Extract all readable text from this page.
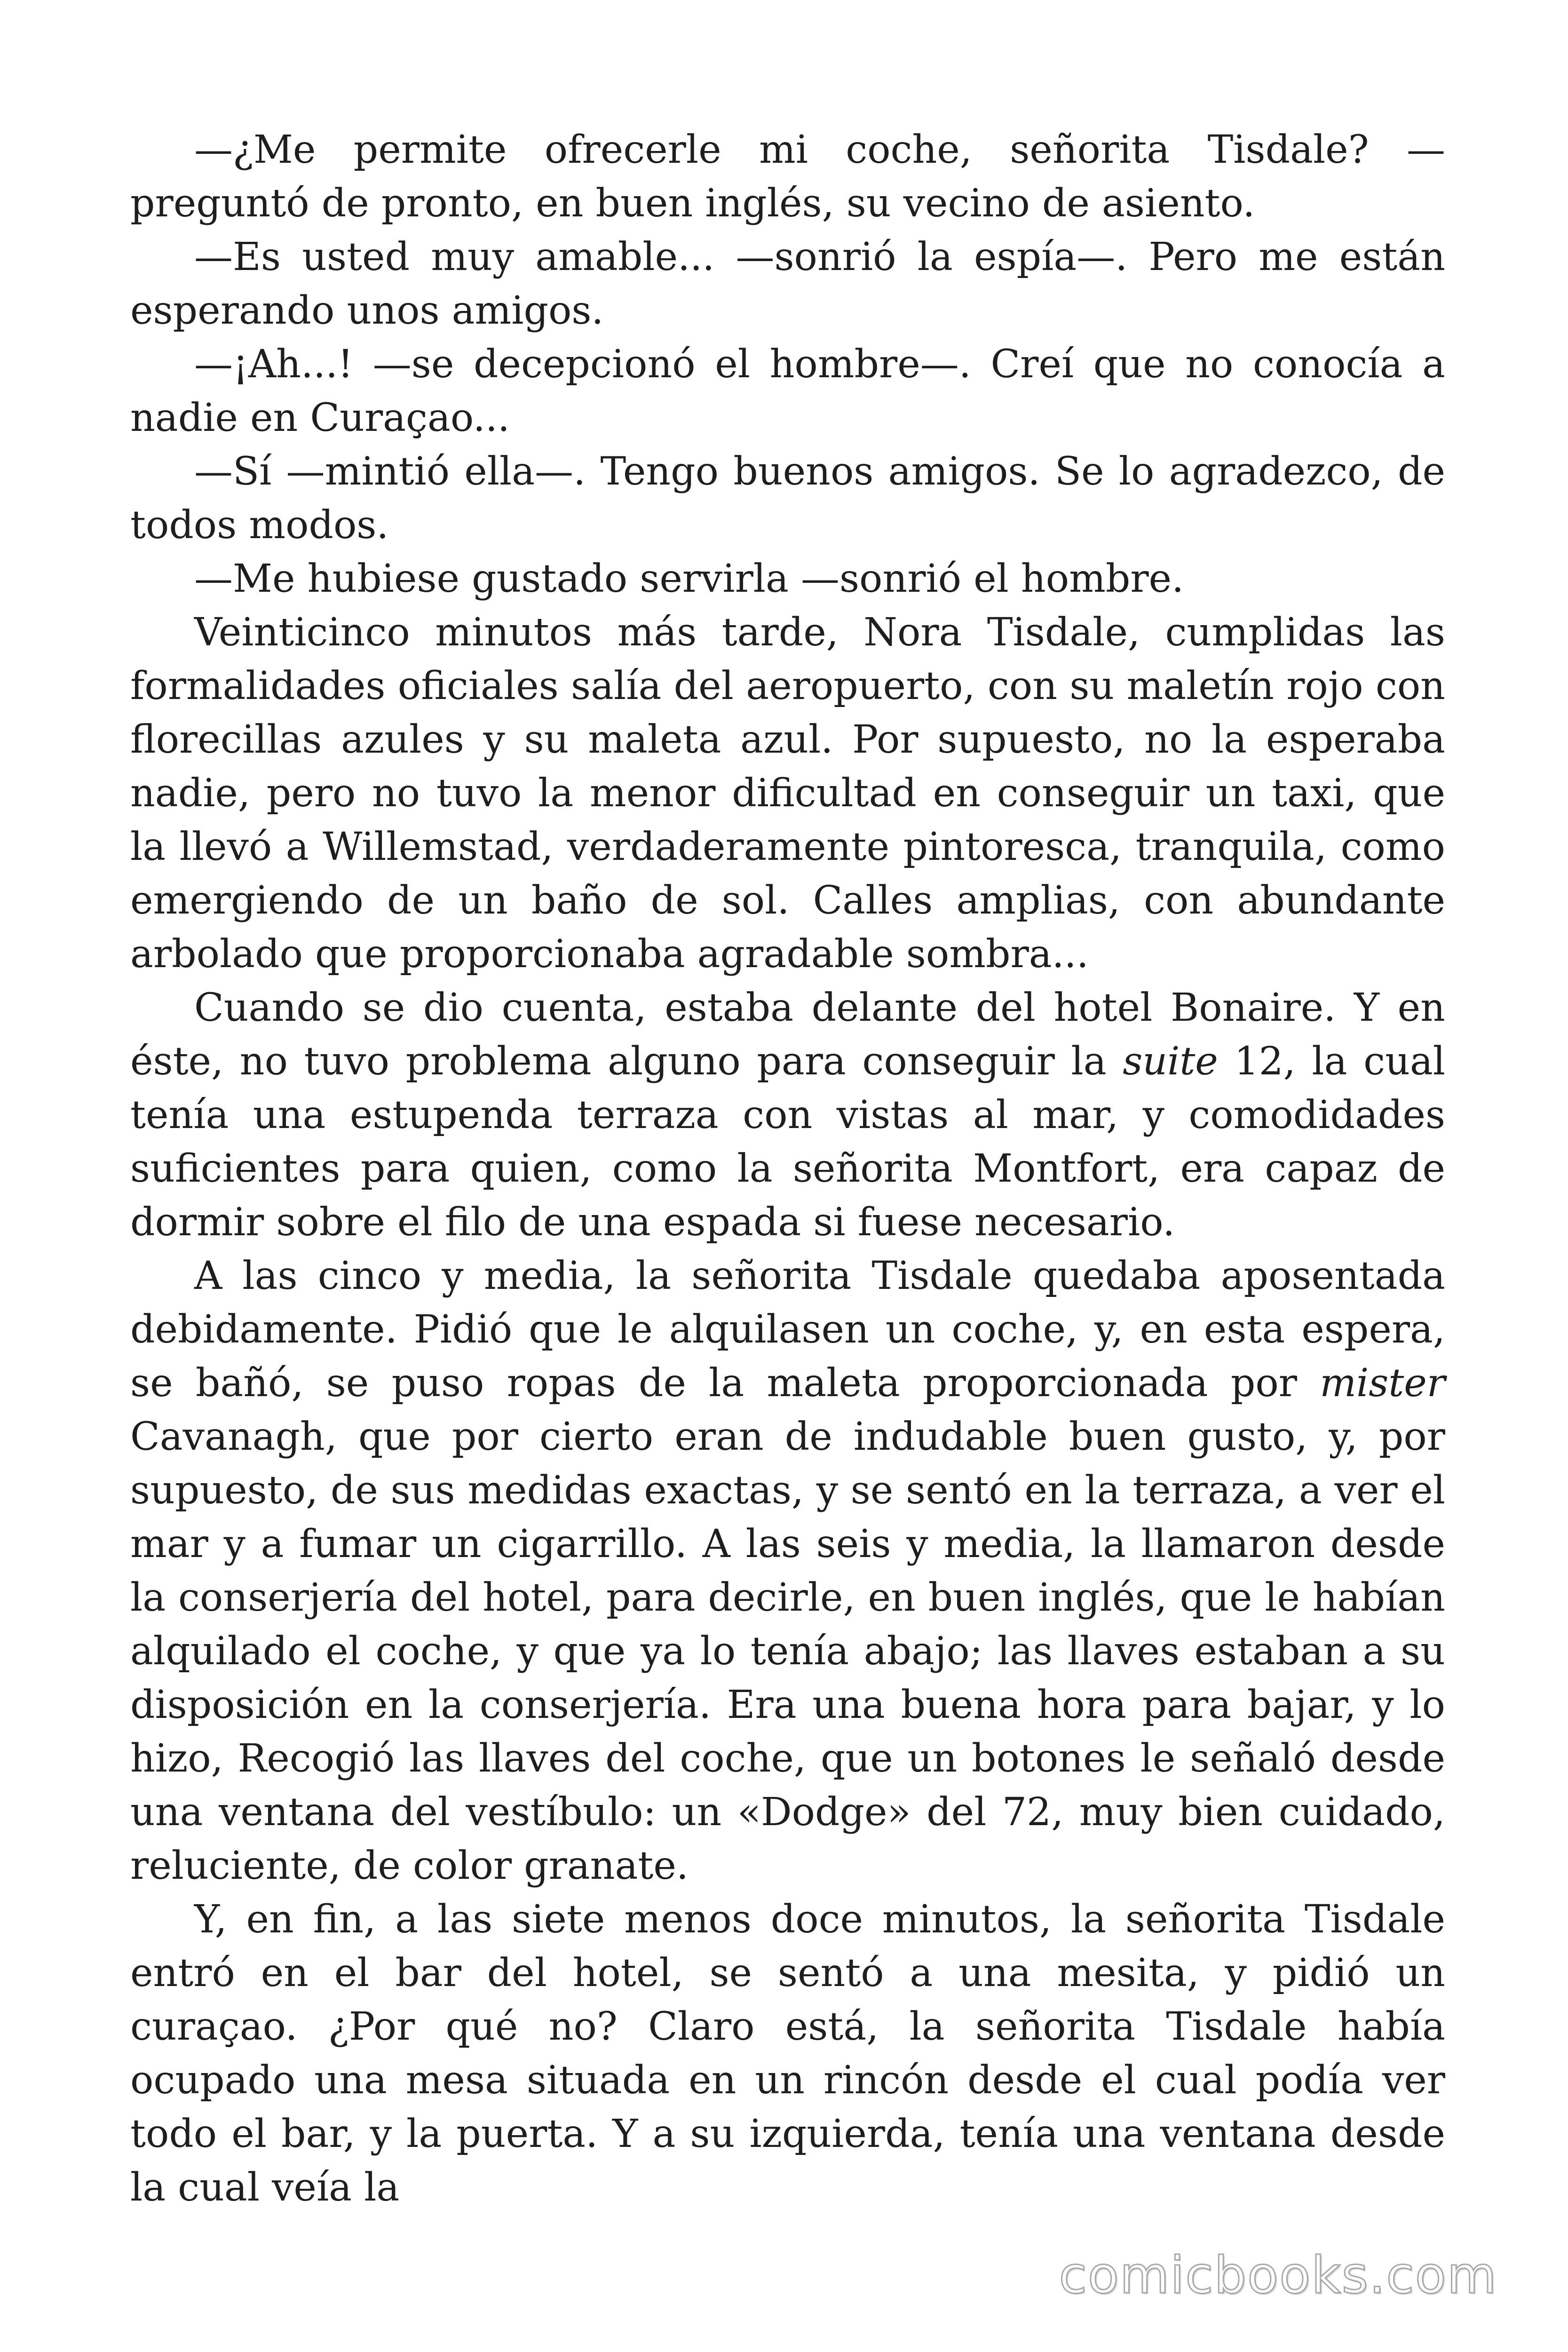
—¿Me permite ofrecerle mi coche, señorita Tisdale? —preguntó de pronto, en buen inglés, su vecino de asiento.

—Es usted muy amable... —sonrió la espía—. Pero me están esperando unos amigos.

—¡Ah...! —se decepcionó el hombre—. Creí que no conocía a nadie en Curaçao...

—Sí —mintió ella—. Tengo buenos amigos. Se lo agradezco, de todos modos.

—Me hubiese gustado servirla —sonrió el hombre.

Veinticinco minutos más tarde, Nora Tisdale, cumplidas las formalidades oficiales salía del aeropuerto, con su maletín rojo con florecillas azules y su maleta azul. Por supuesto, no la esperaba nadie, pero no tuvo la menor dificultad en conseguir un taxi, que la llevó a Willemstad, verdaderamente pintoresca, tranquila, como emergiendo de un baño de sol. Calles amplias, con abundante arbolado que proporcionaba agradable sombra...

Cuando se dio cuenta, estaba delante del hotel Bonaire. Y en éste, no tuvo problema alguno para conseguir la suite 12, la cual tenía una estupenda terraza con vistas al mar, y comodidades suficientes para quien, como la señorita Montfort, era capaz de dormir sobre el filo de una espada si fuese necesario.

A las cinco y media, la señorita Tisdale quedaba aposentada debidamente. Pidió que le alquilasen un coche, y, en esta espera, se bañó, se puso ropas de la maleta proporcionada por mister Cavanagh, que por cierto eran de indudable buen gusto, y, por supuesto, de sus medidas exactas, y se sentó en la terraza, a ver el mar y a fumar un cigarrillo. A las seis y media, la llamaron desde la conserjería del hotel, para decirle, en buen inglés, que le habían alquilado el coche, y que ya lo tenía abajo; las llaves estaban a su disposición en la conserjería. Era una buena hora para bajar, y lo hizo, Recogió las llaves del coche, que un botones le señaló desde una ventana del vestíbulo: un «Dodge» del 72, muy bien cuidado, reluciente, de color granate.

Y, en fin, a las siete menos doce minutos, la señorita Tisdale entró en el bar del hotel, se sentó a una mesita, y pidió un curaçao. ¿Por qué no? Claro está, la señorita Tisdale había ocupado una mesa situada en un rincón desde el cual podía ver todo el bar, y la puerta. Y a su izquierda, tenía una ventana desde la cual veía la

comicbooks.com
